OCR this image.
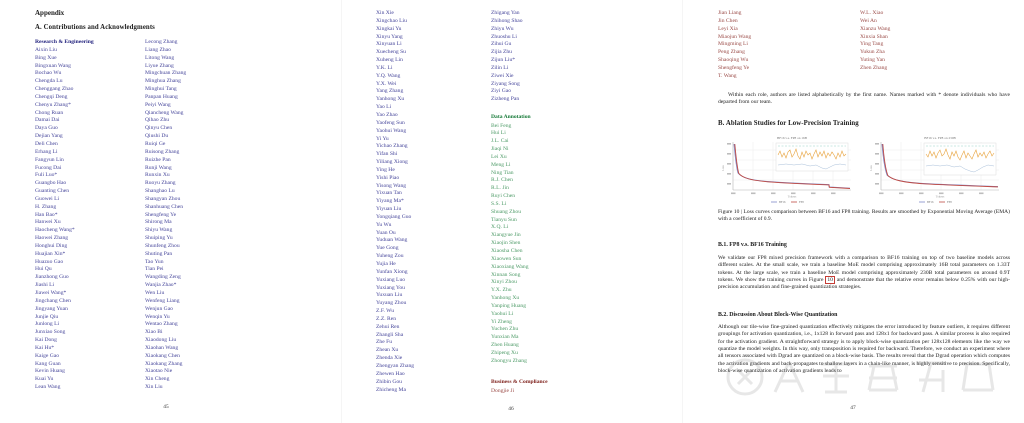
Appendix
A. Contributions and Acknowledgments
Research & Engineering
Aixin Liu
Bing Xue
Bingxuan Wang
Bochao Wu
Chengda Lu
Chenggang Zhao
Chengqi Deng
Chenyu Zhang*
Chong Ruan
Damai Dai
Daya Guo
Dejian Yang
Deli Chen
Erhang Li
Fangyun Lin
Fucong Dai
Fuli Luo*
Guangbo Hao
Guanting Chen
Guowei Li
H. Zhang
Han Bao*
Hanwei Xu
Haocheng Wang*
Haowei Zhang
Honghui Ding
Huajian Xin*
Huazuo Gao
Hui Qu
Jianzhong Guo
Jiashi Li
Jiawei Wang*
Jingchang Chen
Jingyang Yuan
Junjie Qiu
Junlong Li
Junxiao Song
Kai Dong
Kai Hu*
Kaige Gao
Kang Guan
Kevin Huang
Kuai Yu
Lean Wang
Lecong Zhang
Liang Zhao
Litong Wang
Liyue Zhang
Mingchuan Zhang
Minghua Zhang
Minghui Tang
Panpan Huang
Peiyi Wang
Qiancheng Wang
Qihao Zhu
Qinyu Chen
Qiushi Du
Ruiqi Ge
Ruisong Zhang
Ruizhe Pan
Runji Wang
Runxin Xu
Ruoyu Zhang
Shanghao Lu
Shangyan Zhou
Shanhuang Chen
Shengfeng Ye
Shirong Ma
Shiyu Wang
Shuiping Yu
Shunfeng Zhou
Shuting Pan
Tao Yun
Tian Pei
Wangding Zeng
Wanjia Zhao*
Wen Liu
Wenfeng Liang
Wenjun Gao
Wenqin Yu
Wentao Zhang
Xiao Bi
Xiaodong Liu
Xiaohan Wang
Xiaokang Chen
Xiaokang Zhang
Xiaotao Nie
Xin Cheng
Xin Liu
45
Xin Xie
Xingchao Liu
Xingkai Yu
Xinyu Yang
Xinyuan Li
Xuecheng Su
Xuheng Lin
Y.K. Li
Y.Q. Wang
Y.X. Wei
Yang Zhang
Yanhong Xu
Yao Li
Yao Zhao
Yaofeng Sun
Yaohui Wang
Yi Yu
Yichao Zhang
Yifan Shi
Yiliang Xiong
Ying He
Yishi Piao
Yisong Wang
Yixuan Tan
Yiyang Ma*
Yiyuan Liu
Yongqiang Guo
Yu Wu
Yuan Ou
Yuduan Wang
Yue Gong
Yuheng Zou
Yujia He
Yunfan Xiong
Yuxiang Luo
Yuxiang You
Yuxuan Liu
Yuyang Zhou
Z.F. Wu
Z.Z. Ren
Zehui Ren
Zhangli Sha
Zhe Fu
Zhean Xu
Zhenda Xie
Zhengyan Zhang
Zhewen Hao
Zhibin Gou
Zhicheng Ma
Zhigang Yan
Zhihong Shao
Zhiyu Wu
Zhuoshu Li
Zihui Gu
Zijia Zhu
Zijun Liu*
Zilin Li
Ziwei Xie
Ziyang Song
Ziyi Gao
Zizheng Pan
Data Annotation
Bei Feng
Hui Li
J.L. Cai
Jiaqi Ni
Lei Xu
Meng Li
Ning Tian
R.J. Chen
R.L. Jin
Ruyi Chen
S.S. Li
Shuang Zhou
Tianyu Sun
X.Q. Li
Xiangyue Jin
Xiaojin Shen
Xiaosha Chen
Xiaowen Sun
Xiaoxiang Wang
Xinnan Song
Xinyi Zhou
Y.X. Zhu
Yanhong Xu
Yanping Huang
Yaohui Li
Yi Zheng
Yuchen Zhu
Yunxian Ma
Zhen Huang
Zhipeng Xu
Zhongyu Zhang
Business & Compliance
Dongjie Ji
46
Jian Liang
Jin Chen
Leyi Xia
Miaojun Wang
Mingming Li
Peng Zhang
Shaoqing Wu
Shengfeng Ye
T. Wang
W.L. Xiao
Wei An
Xianzu Wang
Xinxia Shan
Ying Tang
Yukun Zha
Yuting Yan
Zhen Zhang
Within each role, authors are listed alphabetically by the first name. Names marked with * denote individuals who have departed from our team.
B. Ablation Studies for Low-Precision Training
BF16 v.s. FP8 on 16B
Loss
Tokens
BF16	FP8
BF16 v.s. FP8 on 230B
Loss
Tokens
BF16	FP8
Figure 10 | Loss curves comparison between BF16 and FP8 training. Results are smoothed by Exponential Moving Average (EMA) with a coefficient of 0.9.
B.1. FP8 v.s. BF16 Training
We validate our FP8 mixed precision framework with a comparison to BF16 training on top of two baseline models across different scales. At the small scale, we train a baseline MoE model comprising approximately 16B total parameters on 1.33T tokens. At the large scale, we train a baseline MoE model comprising approximately 230B total parameters on around 0.9T tokens. We show the training curves in Figure 10 and demonstrate that the relative error remains below 0.25% with our high-precision accumulation and fine-grained quantization strategies.
B.2. Discussion About Block-Wise Quantization
Although our tile-wise fine-grained quantization effectively mitigates the error introduced by feature outliers, it requires different groupings for activation quantization, i.e., 1x128 in forward pass and 128x1 for backward pass. A similar process is also required for the activation gradient. A straightforward strategy is to apply block-wise quantization per 128x128 elements like the way we quantize the model weights. In this way, only transposition is required for backward. Therefore, we conduct an experiment where all tensors associated with Dgrad are quantized on a block-wise basis. The results reveal that the Dgrad operation which computes the activation gradients and back-propagates to shallow layers in a chain-like manner, is highly sensitive to precision. Specifically, block-wise quantization of activation gradients leads to
47
